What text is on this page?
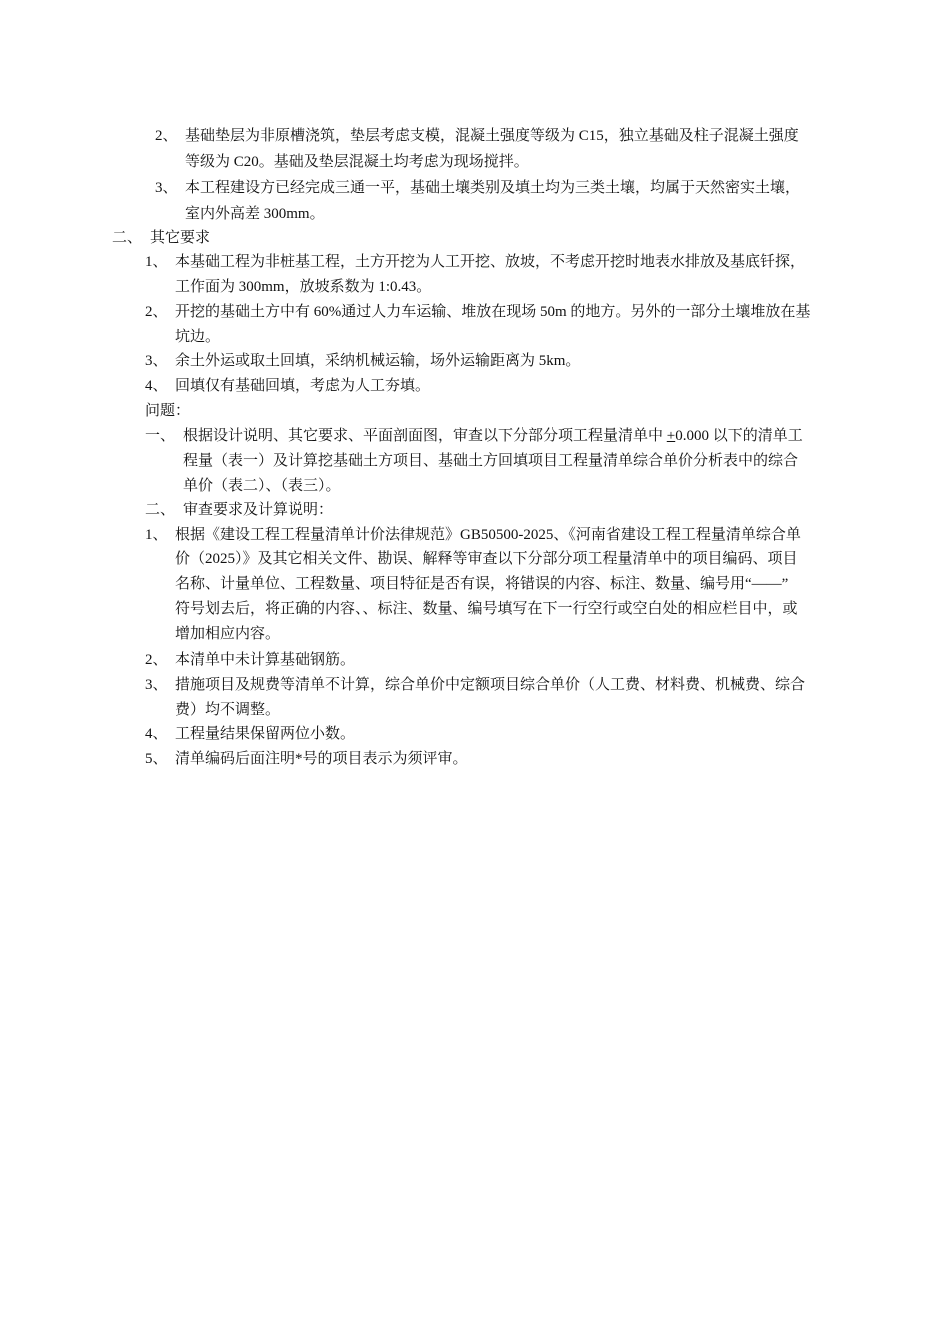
2、 基础垫层为非原槽浇筑，垫层考虑支模，混凝土强度等级为 C15，独立基础及柱子混凝土强度
等级为 C20。基础及垫层混凝土均考虑为现场搅拌。
3、 本工程建设方已经完成三通一平，基础土壤类别及填土均为三类土壤，均属于天然密实土壤，
室内外高差 300mm。
二、 其它要求
1、 本基础工程为非桩基工程，土方开挖为人工开挖、放坡，不考虑开挖时地表水排放及基底钎探，
工作面为 300mm，放坡系数为 1:0.43。
2、 开挖的基础土方中有 60%通过人力车运输、堆放在现场 50m 的地方。另外的一部分土壤堆放在基
坑边。
3、 余土外运或取土回填，采纳机械运输，场外运输距离为 5km。
4、 回填仅有基础回填，考虑为人工夯填。
问题：
一、 根据设计说明、其它要求、平面剖面图，审查以下分部分项工程量清单中 +0.000 以下的清单工
程量（表一）及计算挖基础土方项目、基础土方回填项目工程量清单综合单价分析表中的综合
单价（表二）、（表三）。
二、 审查要求及计算说明：
1、 根据《建设工程工程量清单计价法律规范》GB50500-2025、《河南省建设工程工程量清单综合单
价（2025）》及其它相关文件、勘误、解释等审查以下分部分项工程量清单中的项目编码、项目
名称、计量单位、工程数量、项目特征是否有误，将错误的内容、标注、数量、编号用“——”
符号划去后，将正确的内容、、标注、数量、编号填写在下一行空行或空白处的相应栏目中，或
增加相应内容。
2、 本清单中未计算基础钢筋。
3、 措施项目及规费等清单不计算，综合单价中定额项目综合单价（人工费、材料费、机械费、综合
费）均不调整。
4、 工程量结果保留两位小数。
5、 清单编码后面注明*号的项目表示为须评审。
